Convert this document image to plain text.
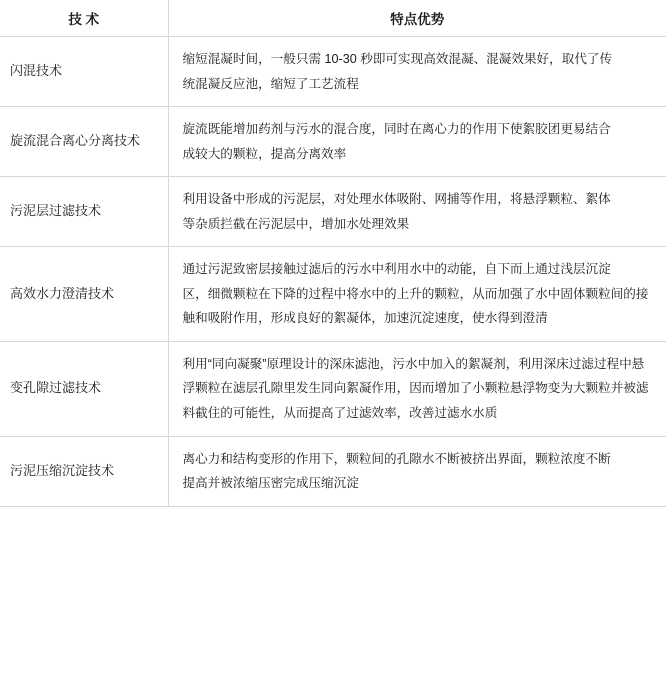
技 术	特点优势
闪混技术	缩短混凝时间，一般只需 10-30 秒即可实现高效混凝、混凝效果好，取代了传

统混凝反应池，缩短了工艺流程

旋流混合离心分离技术	旋流既能增加药剂与污水的混合度，同时在离心力的作用下使絮胶团更易结合

成较大的颗粒，提高分离效率

污泥层过滤技术	利用设备中形成的污泥层，对处理水体吸附、网捕等作用，将悬浮颗粒、絮体

等杂质拦截在污泥层中，增加水处理效果

高效水力澄清技术	通过污泥致密层接触过滤后的污水中利用水中的动能，自下而上通过浅层沉淀

区，细微颗粒在下降的过程中将水中的上升的颗粒，从而加强了水中固体颗粒间的接触和吸附作用，形成良好的絮凝体，加速沉淀速度，使水得到澄清

变孔隙过滤技术	利用“同向凝聚”原理设计的深床滤池，污水中加入的絮凝剂，利用深床过滤过程中悬浮颗粒在滤层孔隙里发生同向絮凝作用，因而增加了小颗粒悬浮物变为大颗粒并被滤料截住的可能性，从而提高了过滤效率，改善过滤水水质

污泥压缩沉淀技术	离心力和结构变形的作用下，颗粒间的孔隙水不断被挤出界面，颗粒浓度不断

提高并被浓缩压密完成压缩沉淀
